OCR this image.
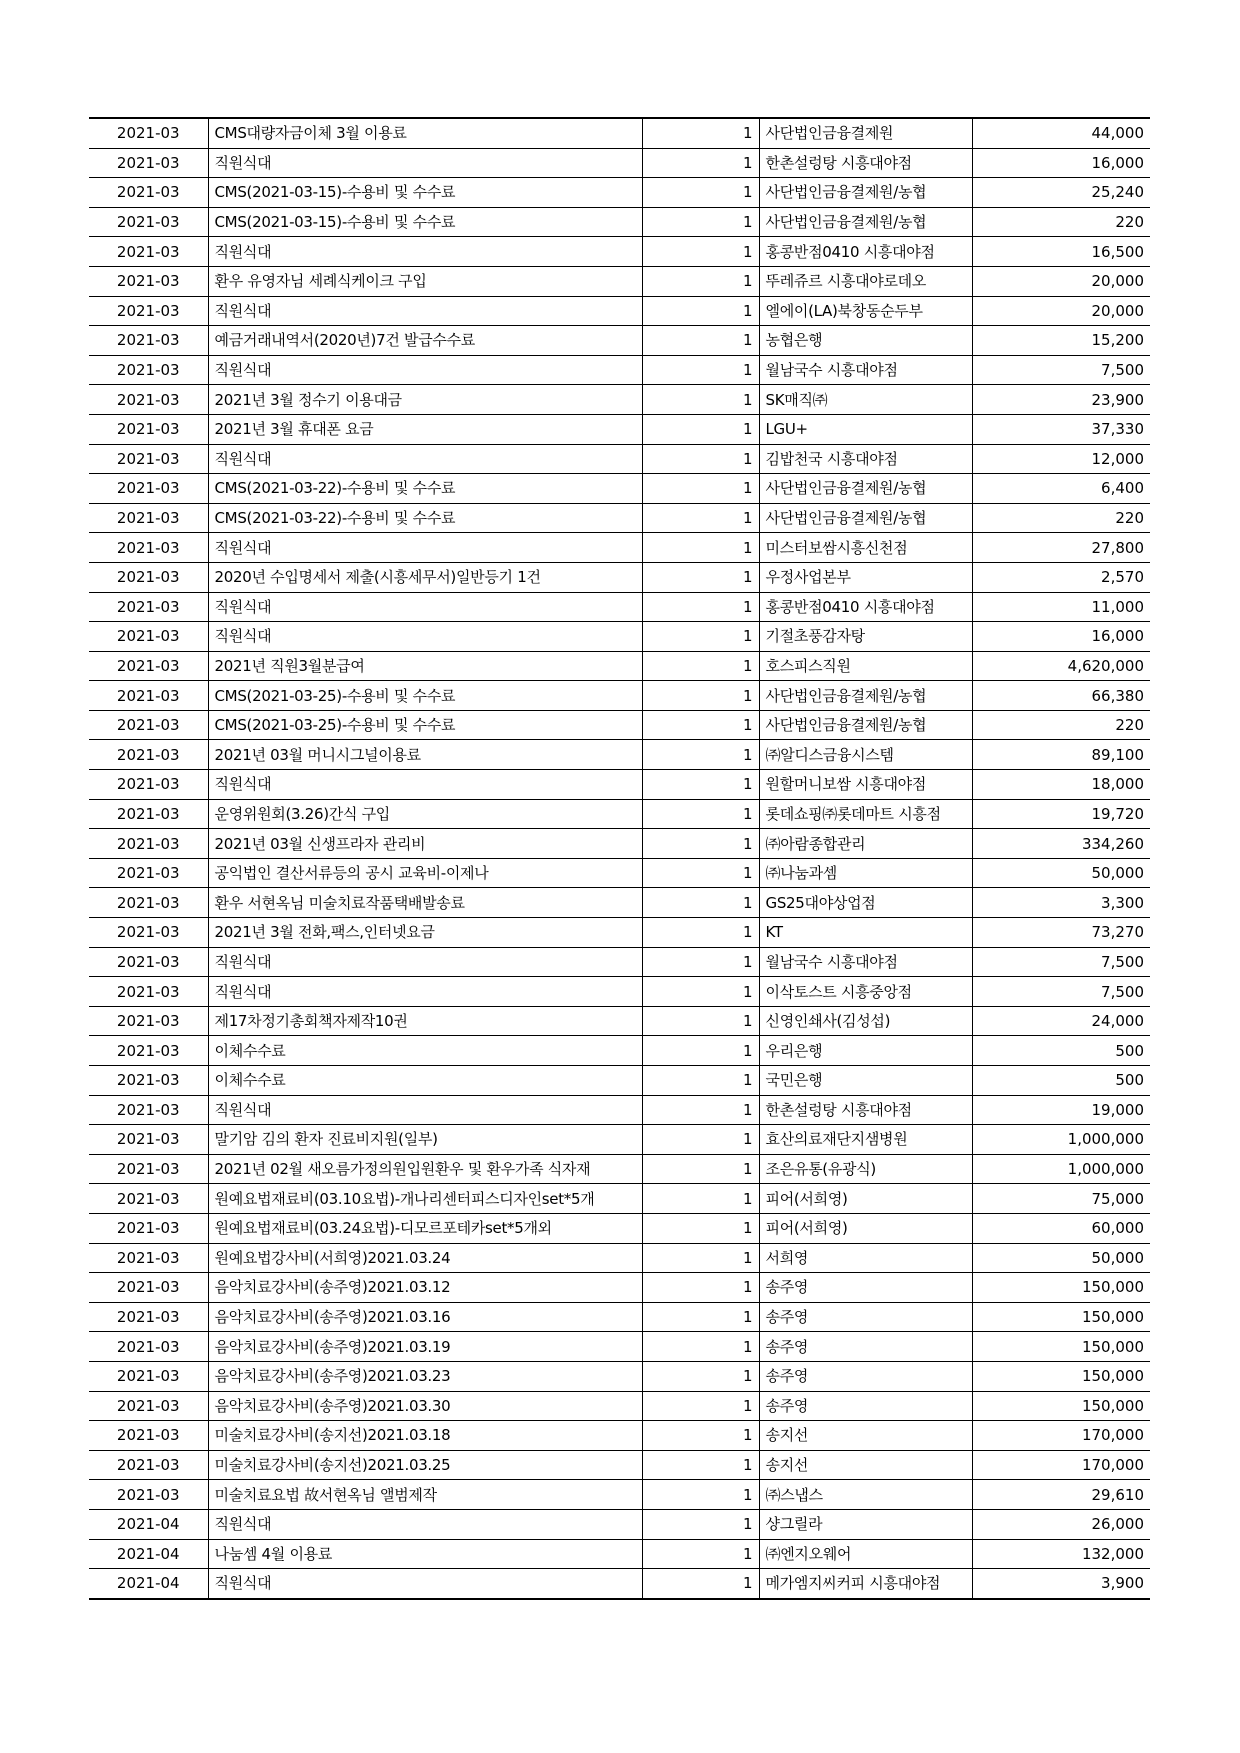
2021-03	CMS대량자금이체 3월 이용료	1	사단법인금융결제원	44,000
2021-03	직원식대	1	한촌설렁탕 시흥대야점	16,000
2021-03	CMS(2021-03-15)-수용비 및 수수료	1	사단법인금융결제원/농협	25,240
2021-03	CMS(2021-03-15)-수용비 및 수수료	1	사단법인금융결제원/농협	220
2021-03	직원식대	1	홍콩반점0410 시흥대야점	16,500
2021-03	환우 유영자님 세례식케이크 구입	1	뚜레쥬르 시흥대야로데오	20,000
2021-03	직원식대	1	엘에이(LA)북창동순두부	20,000
2021-03	예금거래내역서(2020년)7건 발급수수료	1	농협은행	15,200
2021-03	직원식대	1	월남국수 시흥대야점	7,500
2021-03	2021년 3월 정수기 이용대금	1	SK매직㈜	23,900
2021-03	2021년 3월 휴대폰 요금	1	LGU+	37,330
2021-03	직원식대	1	김밥천국 시흥대야점	12,000
2021-03	CMS(2021-03-22)-수용비 및 수수료	1	사단법인금융결제원/농협	6,400
2021-03	CMS(2021-03-22)-수용비 및 수수료	1	사단법인금융결제원/농협	220
2021-03	직원식대	1	미스터보쌈시흥신천점	27,800
2021-03	2020년 수입명세서 제출(시흥세무서)일반등기 1건	1	우정사업본부	2,570
2021-03	직원식대	1	홍콩반점0410 시흥대야점	11,000
2021-03	직원식대	1	기절초풍감자탕	16,000
2021-03	2021년 직원3월분급여	1	호스피스직원	4,620,000
2021-03	CMS(2021-03-25)-수용비 및 수수료	1	사단법인금융결제원/농협	66,380
2021-03	CMS(2021-03-25)-수용비 및 수수료	1	사단법인금융결제원/농협	220
2021-03	2021년 03월 머니시그널이용료	1	㈜알디스금융시스템	89,100
2021-03	직원식대	1	원할머니보쌈 시흥대야점	18,000
2021-03	운영위원회(3.26)간식 구입	1	롯데쇼핑㈜롯데마트 시흥점	19,720
2021-03	2021년 03월 신생프라자 관리비	1	㈜아람종합관리	334,260
2021-03	공익법인 결산서류등의 공시 교육비-이제나	1	㈜나눔과셈	50,000
2021-03	환우 서현옥님 미술치료작품택배발송료	1	GS25대야상업점	3,300
2021-03	2021년 3월 전화,팩스,인터넷요금	1	KT	73,270
2021-03	직원식대	1	월남국수 시흥대야점	7,500
2021-03	직원식대	1	이삭토스트 시흥중앙점	7,500
2021-03	제17차정기총회책자제작10권	1	신영인쇄사(김성섭)	24,000
2021-03	이체수수료	1	우리은행	500
2021-03	이체수수료	1	국민은행	500
2021-03	직원식대	1	한촌설렁탕 시흥대야점	19,000
2021-03	말기암 김의 환자 진료비지원(일부)	1	효산의료재단지샘병원	1,000,000
2021-03	2021년 02월 새오름가정의원입원환우 및 환우가족 식자재	1	조은유통(유광식)	1,000,000
2021-03	원예요법재료비(03.10요법)-개나리센터피스디자인set*5개	1	피어(서희영)	75,000
2021-03	원예요법재료비(03.24요법)-디모르포테카set*5개외	1	피어(서희영)	60,000
2021-03	원예요법강사비(서희영)2021.03.24	1	서희영	50,000
2021-03	음악치료강사비(송주영)2021.03.12	1	송주영	150,000
2021-03	음악치료강사비(송주영)2021.03.16	1	송주영	150,000
2021-03	음악치료강사비(송주영)2021.03.19	1	송주영	150,000
2021-03	음악치료강사비(송주영)2021.03.23	1	송주영	150,000
2021-03	음악치료강사비(송주영)2021.03.30	1	송주영	150,000
2021-03	미술치료강사비(송지선)2021.03.18	1	송지선	170,000
2021-03	미술치료강사비(송지선)2021.03.25	1	송지선	170,000
2021-03	미술치료요법 故서현옥님 앨범제작	1	㈜스냅스	29,610
2021-04	직원식대	1	샹그릴라	26,000
2021-04	나눔셈 4월 이용료	1	㈜엔지오웨어	132,000
2021-04	직원식대	1	메가엠지씨커피 시흥대야점	3,900
